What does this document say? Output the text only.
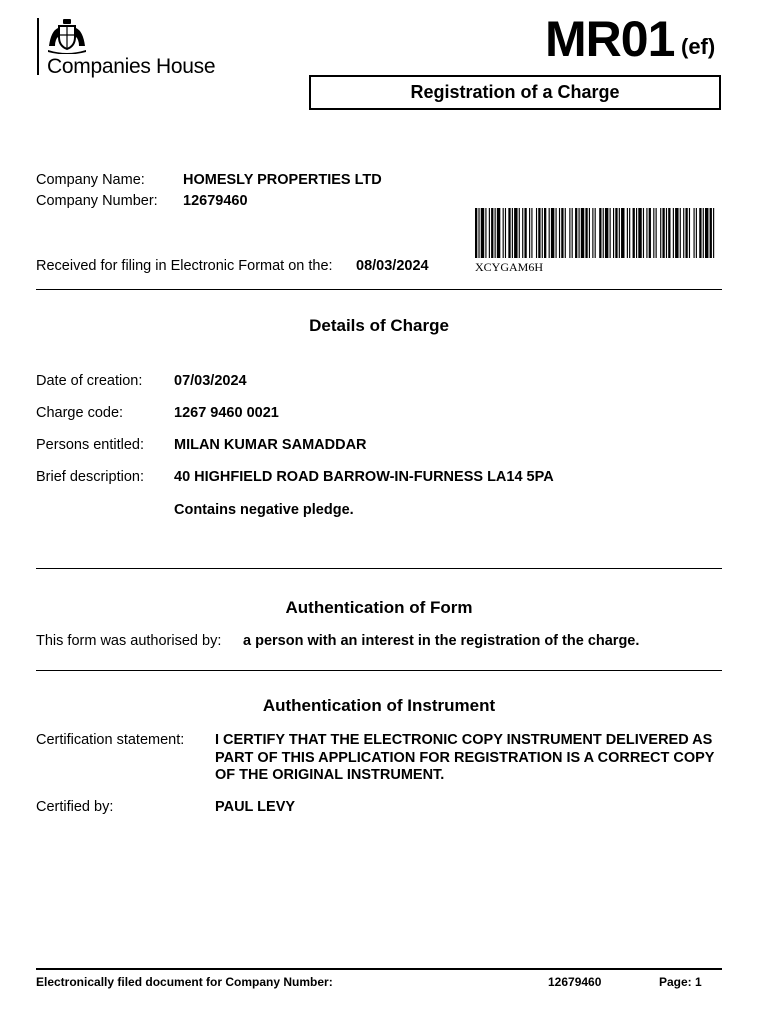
Companies House	MR01 (ef)
Registration of a Charge
Company Name:	HOMESLY PROPERTIES LTD
Company Number: 12679460
XCYGAM6H
Received for filing in Electronic Format on the: 08/03/2024
Details of Charge
Date of creation: 07/03/2024
Charge code:	1267 9460 0021
Persons entitled: MILAN KUMAR SAMADDAR
Brief description: 40 HIGHFIELD ROAD BARROW-IN-FURNESS LA14 5PA
Contains negative pledge.
Authentication of Form
This form was authorised by: a person with an interest in the registration of the charge.
Authentication of Instrument
Certification statement: I CERTIFY THAT THE ELECTRONIC COPY INSTRUMENT DELIVERED AS PART OF THIS APPLICATION FOR REGISTRATION IS A CORRECT COPY OF THE ORIGINAL INSTRUMENT.
Certified by:	PAUL LEVY
Electronically filed document for Company Number:	12679460	Page: 1
